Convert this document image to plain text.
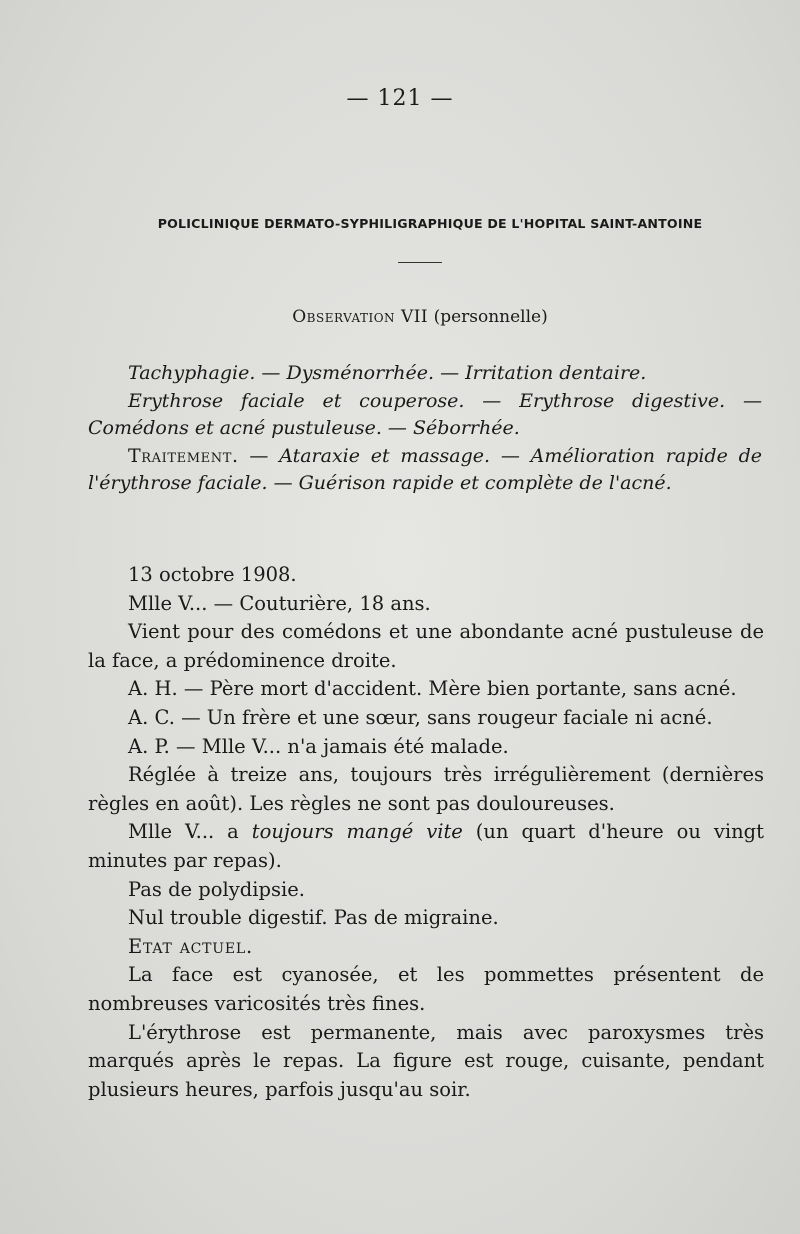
— 121 —
POLICLINIQUE DERMATO-SYPHILIGRAPHIQUE DE L'HOPITAL SAINT-ANTOINE
Observation VII (personnelle)

Tachyphagie. — Dysménorrhée. — Irritation dentaire.

Erythrose faciale et couperose. — Erythrose digestive. — Comédons et acné pustuleuse. — Séborrhée.

Traitement. — Ataraxie et massage. — Amélioration rapide de l'érythrose faciale. — Guérison rapide et complète de l'acné.

13 octobre 1908.

Mlle V... — Couturière, 18 ans.

Vient pour des comédons et une abondante acné pustuleuse de la face, a prédominence droite.

A. H. — Père mort d'accident. Mère bien portante, sans acné.

A. C. — Un frère et une sœur, sans rougeur faciale ni acné.

A. P. — Mlle V... n'a jamais été malade.

Réglée à treize ans, toujours très irrégulièrement (dernières règles en août). Les règles ne sont pas douloureuses.

Mlle V... a toujours mangé vite (un quart d'heure ou vingt minutes par repas).

Pas de polydipsie.

Nul trouble digestif. Pas de migraine.

Etat actuel.

La face est cyanosée, et les pommettes présentent de nombreuses varicosités très fines.

L'érythrose est permanente, mais avec paroxysmes très marqués après le repas. La figure est rouge, cuisante, pendant plusieurs heures, parfois jusqu'au soir.
